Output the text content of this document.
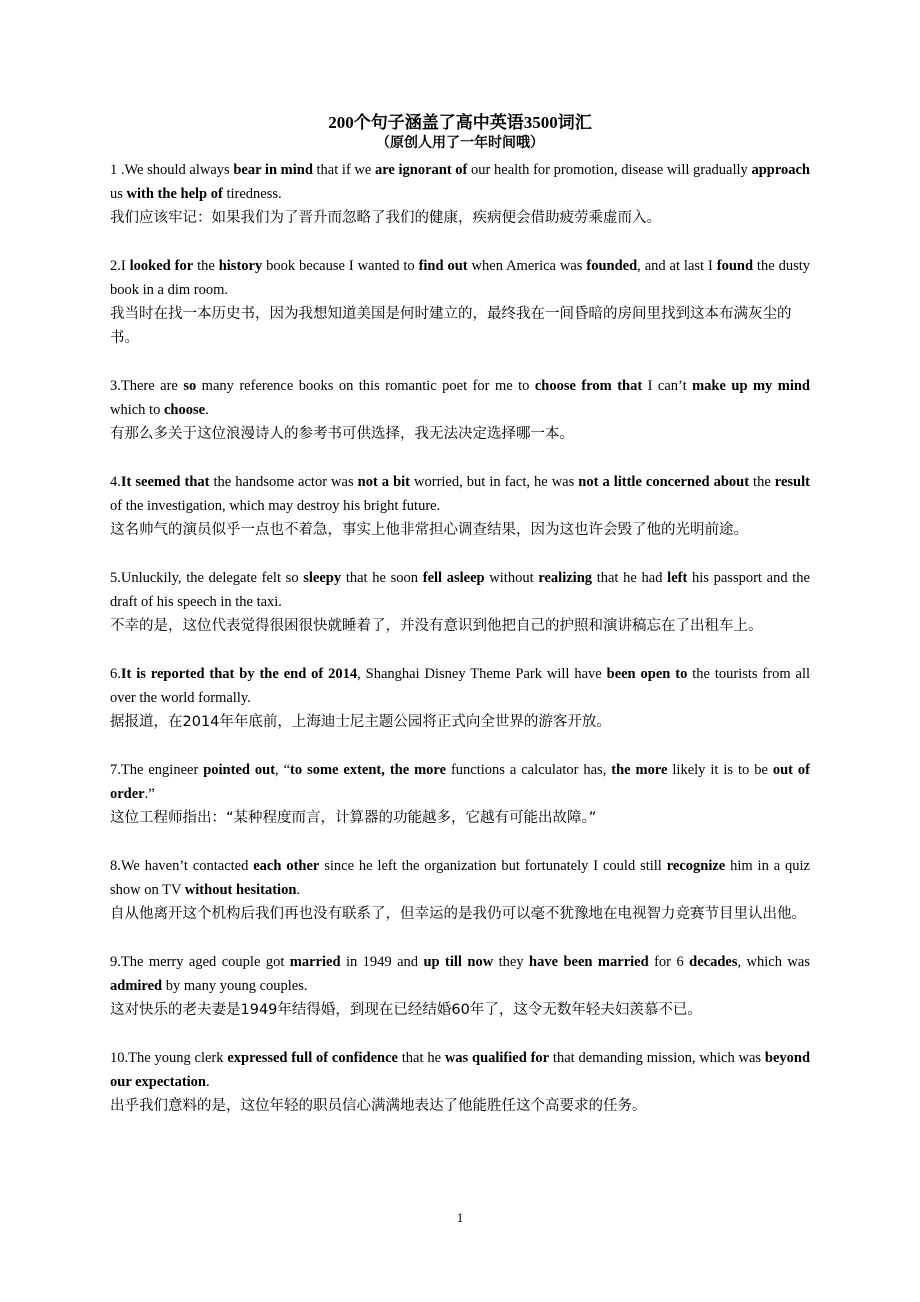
200个句子涵盖了高中英语3500词汇
（原创人用了一年时间哦）

1 .We should always bear in mind that if we are ignorant of our health for promotion, disease will gradually approach us with the help of tiredness.

我们应该牢记：如果我们为了晋升而忽略了我们的健康，疾病便会借助疲劳乘虚而入。

2.I looked for the history book because I wanted to find out when America was founded, and at last I found the dusty book in a dim room.

我当时在找一本历史书，因为我想知道美国是何时建立的，最终我在一间昏暗的房间里找到这本布满灰尘的书。

3.There are so many reference books on this romantic poet for me to choose from that I can’t make up my mind which to choose.

有那么多关于这位浪漫诗人的参考书可供选择，我无法决定选择哪一本。

4.It seemed that the handsome actor was not a bit worried, but in fact, he was not a little concerned about the result of the investigation, which may destroy his bright future.

这名帅气的演员似乎一点也不着急，事实上他非常担心调查结果，因为这也许会毁了他的光明前途。

5.Unluckily, the delegate felt so sleepy that he soon fell asleep without realizing that he had left his passport and the draft of his speech in the taxi.

不幸的是，这位代表觉得很困很快就睡着了，并没有意识到他把自己的护照和演讲稿忘在了出租车上。

6.It is reported that by the end of 2014, Shanghai Disney Theme Park will have been open to the tourists from all over the world formally.

据报道，在2014年年底前，上海迪士尼主题公园将正式向全世界的游客开放。

7.The engineer pointed out, “to some extent, the more functions a calculator has, the more likely it is to be out of order.”

这位工程师指出：“某种程度而言，计算器的功能越多，它越有可能出故障。”

8.We haven’t contacted each other since he left the organization but fortunately I could still recognize him in a quiz show on TV without hesitation.

自从他离开这个机构后我们再也没有联系了，但幸运的是我仍可以毫不犹豫地在电视智力竞赛节目里认出他。

9.The merry aged couple got married in 1949 and up till now they have been married for 6 decades, which was admired by many young couples.

这对快乐的老夫妻是1949年结得婚，到现在已经结婚60年了，这令无数年轻夫妇羡慕不已。

10.The young clerk expressed full of confidence that he was qualified for that demanding mission, which was beyond our expectation.

出乎我们意料的是，这位年轻的职员信心满满地表达了他能胜任这个高要求的任务。

1
